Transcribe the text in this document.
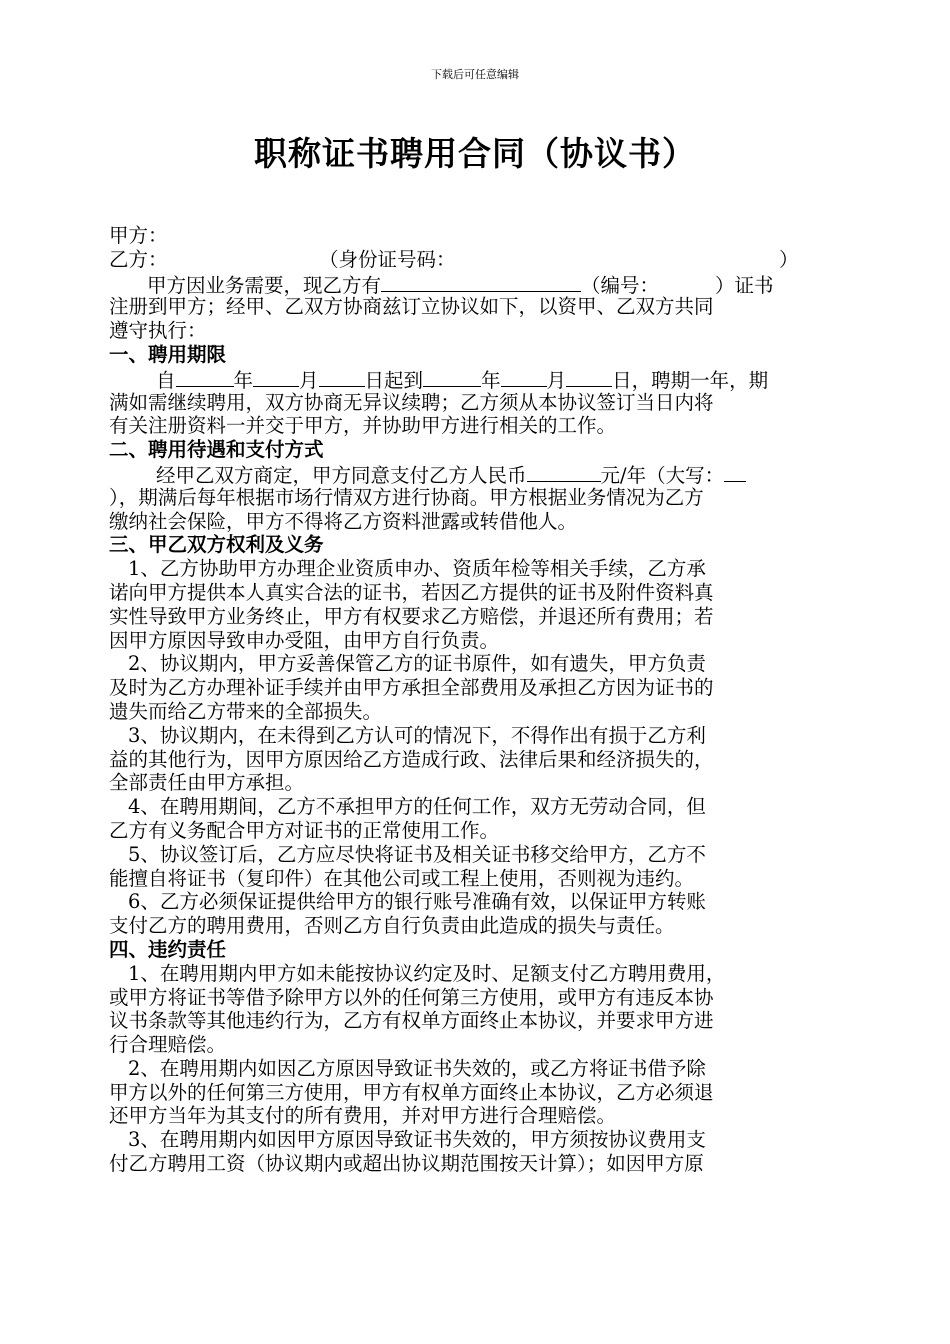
下载后可任意编辑
职称证书聘用合同（协议书）
甲方：
乙方：	（身份证号码：	）
甲方因业务需要，现乙方有	（编号：	）证书
注册到甲方；经甲、乙双方协商兹订立协议如下，以资甲、乙双方共同
遵守执行：
一、聘用期限
自	年 月 日起到	年 月 日，聘期一年，期
满如需继续聘用，双方协商无异议续聘；乙方须从本协议签订当日内将
有关注册资料一并交于甲方，并协助甲方进行相关的工作。
二、聘用待遇和支付方式
经甲乙双方商定，甲方同意支付乙方人民币	元/年（大写：
），期满后每年根据市场行情双方进行协商。甲方根据业务情况为乙方
缴纳社会保险，甲方不得将乙方资料泄露或转借他人。
三、甲乙双方权利及义务
1、乙方协助甲方办理企业资质申办、资质年检等相关手续，乙方承
诺向甲方提供本人真实合法的证书，若因乙方提供的证书及附件资料真
实性导致甲方业务终止，甲方有权要求乙方赔偿，并退还所有费用；若
因甲方原因导致申办受阻，由甲方自行负责。
2、协议期内，甲方妥善保管乙方的证书原件，如有遗失，甲方负责
及时为乙方办理补证手续并由甲方承担全部费用及承担乙方因为证书的
遗失而给乙方带来的全部损失。
3、协议期内，在未得到乙方认可的情况下，不得作出有损于乙方利
益的其他行为，因甲方原因给乙方造成行政、法律后果和经济损失的，
全部责任由甲方承担。
4、在聘用期间，乙方不承担甲方的任何工作，双方无劳动合同，但
乙方有义务配合甲方对证书的正常使用工作。
5、协议签订后，乙方应尽快将证书及相关证书移交给甲方，乙方不
能擅自将证书（复印件）在其他公司或工程上使用，否则视为违约。
6、乙方必须保证提供给甲方的银行账号准确有效，以保证甲方转账
支付乙方的聘用费用，否则乙方自行负责由此造成的损失与责任。
四、违约责任
1、在聘用期内甲方如未能按协议约定及时、足额支付乙方聘用费用，
或甲方将证书等借予除甲方以外的任何第三方使用，或甲方有违反本协
议书条款等其他违约行为，乙方有权单方面终止本协议，并要求甲方进
行合理赔偿。
2、在聘用期内如因乙方原因导致证书失效的，或乙方将证书借予除
甲方以外的任何第三方使用，甲方有权单方面终止本协议，乙方必须退
还甲方当年为其支付的所有费用，并对甲方进行合理赔偿。
3、在聘用期内如因甲方原因导致证书失效的，甲方须按协议费用支
付乙方聘用工资（协议期内或超出协议期范围按天计算）；如因甲方原
